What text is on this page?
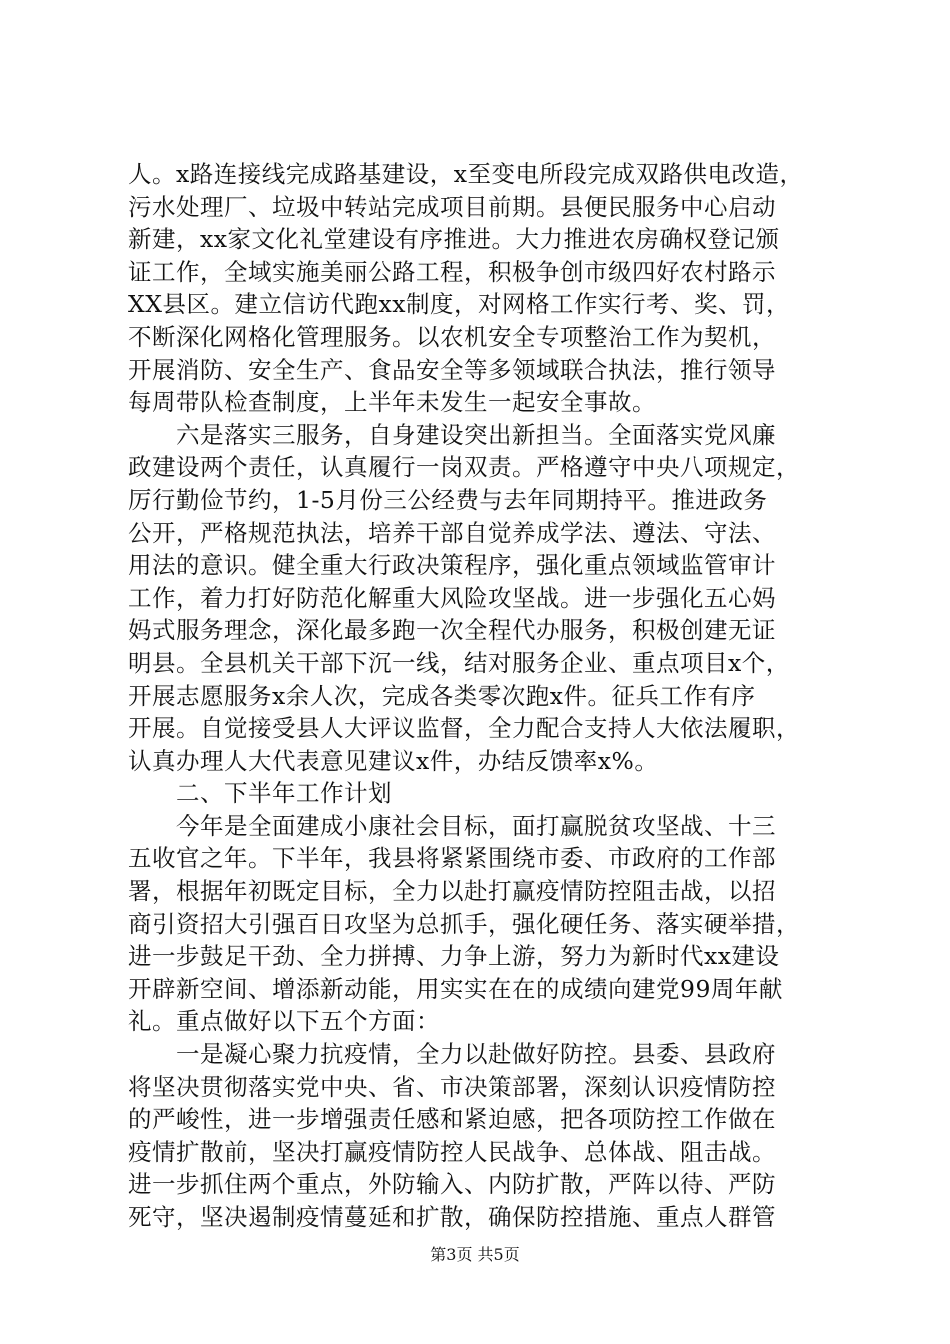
人。x路连接线完成路基建设，x至变电所段完成双路供电改造，
污水处理厂、垃圾中转站完成项目前期。县便民服务中心启动
新建，xx家文化礼堂建设有序推进。大力推进农房确权登记颁
证工作，全域实施美丽公路工程，积极争创市级四好农村路示
XX县区。建立信访代跑xx制度，对网格工作实行考、奖、罚，
不断深化网格化管理服务。以农机安全专项整治工作为契机，
开展消防、安全生产、食品安全等多领域联合执法，推行领导
每周带队检查制度，上半年未发生一起安全事故。
　　六是落实三服务，自身建设突出新担当。全面落实党风廉
政建设两个责任，认真履行一岗双责。严格遵守中央八项规定，
厉行勤俭节约，1-5月份三公经费与去年同期持平。推进政务
公开，严格规范执法，培养干部自觉养成学法、遵法、守法、
用法的意识。健全重大行政决策程序，强化重点领域监管审计
工作，着力打好防范化解重大风险攻坚战。进一步强化五心妈
妈式服务理念，深化最多跑一次全程代办服务，积极创建无证
明县。全县机关干部下沉一线，结对服务企业、重点项目x个，
开展志愿服务x余人次，完成各类零次跑x件。征兵工作有序
开展。自觉接受县人大评议监督，全力配合支持人大依法履职，
认真办理人大代表意见建议x件，办结反馈率x%。
　　二、下半年工作计划
　　今年是全面建成小康社会目标，面打赢脱贫攻坚战、十三
五收官之年。下半年，我县将紧紧围绕市委、市政府的工作部
署，根据年初既定目标，全力以赴打赢疫情防控阻击战，以招
商引资招大引强百日攻坚为总抓手，强化硬任务、落实硬举措，
进一步鼓足干劲、全力拼搏、力争上游，努力为新时代xx建设
开辟新空间、增添新动能，用实实在在的成绩向建党99周年献
礼。重点做好以下五个方面：
　　一是凝心聚力抗疫情，全力以赴做好防控。县委、县政府
将坚决贯彻落实党中央、省、市决策部署，深刻认识疫情防控
的严峻性，进一步增强责任感和紧迫感，把各项防控工作做在
疫情扩散前，坚决打赢疫情防控人民战争、总体战、阻击战。
进一步抓住两个重点，外防输入、内防扩散，严阵以待、严防
死守，坚决遏制疫情蔓延和扩散，确保防控措施、重点人群管
第3页 共5页
